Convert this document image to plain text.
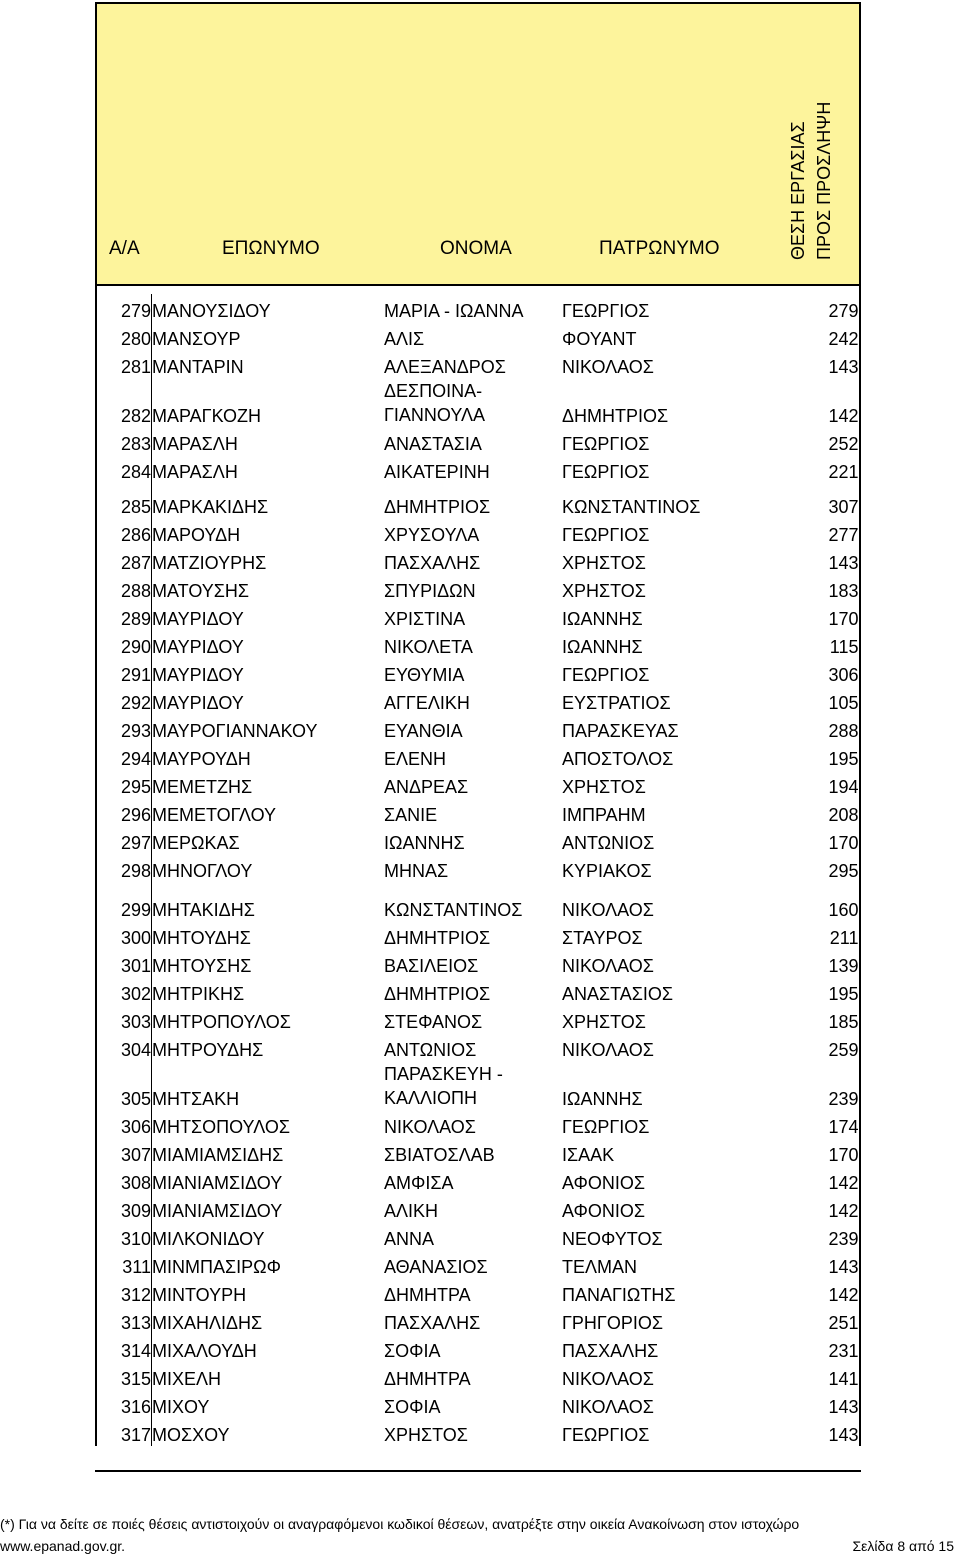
Α/Α	ΕΠΩΝΥΜΟ	ΟΝΟΜΑ	ΠΑΤΡΩΝΥΜΟ	ΘΕΣΗ ΕΡΓΑΣΙΑΣ ΠΡΟΣ ΠΡΟΣΛΗΨΗ
279	ΜΑΝΟΥΣΙΔΟΥ	ΜΑΡΙΑ - ΙΩΑΝΝΑ	ΓΕΩΡΓΙΟΣ	279
280	ΜΑΝΣΟΥΡ	ΑΛΙΣ	ΦΟΥΑΝΤ	242
281	ΜΑΝΤΑΡΙΝ	ΑΛΕΞΑΝΔΡΟΣ	ΝΙΚΟΛΑΟΣ	143
282	ΜΑΡΑΓΚΟΖΗ	ΔΕΣΠΟΙΝΑ-ΓΙΑΝΝΟΥΛΑ	ΔΗΜΗΤΡΙΟΣ	142
283	ΜΑΡΑΣΛΗ	ΑΝΑΣΤΑΣΙΑ	ΓΕΩΡΓΙΟΣ	252
284	ΜΑΡΑΣΛΗ	ΑΙΚΑΤΕΡΙΝΗ	ΓΕΩΡΓΙΟΣ	221
285	ΜΑΡΚΑΚΙΔΗΣ	ΔΗΜΗΤΡΙΟΣ	ΚΩΝΣΤΑΝΤΙΝΟΣ	307
286	ΜΑΡΟΥΔΗ	ΧΡΥΣΟΥΛΑ	ΓΕΩΡΓΙΟΣ	277
287	ΜΑΤΖΙΟΥΡΗΣ	ΠΑΣΧΑΛΗΣ	ΧΡΗΣΤΟΣ	143
288	ΜΑΤΟΥΣΗΣ	ΣΠΥΡΙΔΩΝ	ΧΡΗΣΤΟΣ	183
289	ΜΑΥΡΙΔΟΥ	ΧΡΙΣΤΙΝΑ	ΙΩΑΝΝΗΣ	170
290	ΜΑΥΡΙΔΟΥ	ΝΙΚΟΛΕΤΑ	ΙΩΑΝΝΗΣ	115
291	ΜΑΥΡΙΔΟΥ	ΕΥΘΥΜΙΑ	ΓΕΩΡΓΙΟΣ	306
292	ΜΑΥΡΙΔΟΥ	ΑΓΓΕΛΙΚΗ	ΕΥΣΤΡΑΤΙΟΣ	105
293	ΜΑΥΡΟΓΙΑΝΝΑΚΟΥ	ΕΥΑΝΘΙΑ	ΠΑΡΑΣΚΕΥΑΣ	288
294	ΜΑΥΡΟΥΔΗ	ΕΛΕΝΗ	ΑΠΟΣΤΟΛΟΣ	195
295	ΜΕΜΕΤΖΗΣ	ΑΝΔΡΕΑΣ	ΧΡΗΣΤΟΣ	194
296	ΜΕΜΕΤΟΓΛΟΥ	ΣΑΝΙΕ	ΙΜΠΡΑΗΜ	208
297	ΜΕΡΩΚΑΣ	ΙΩΑΝΝΗΣ	ΑΝΤΩΝΙΟΣ	170
298	ΜΗΝΟΓΛΟΥ	ΜΗΝΑΣ	ΚΥΡΙΑΚΟΣ	295
299	ΜΗΤΑΚΙΔΗΣ	ΚΩΝΣΤΑΝΤΙΝΟΣ	ΝΙΚΟΛΑΟΣ	160
300	ΜΗΤΟΥΔΗΣ	ΔΗΜΗΤΡΙΟΣ	ΣΤΑΥΡΟΣ	211
301	ΜΗΤΟΥΣΗΣ	ΒΑΣΙΛΕΙΟΣ	ΝΙΚΟΛΑΟΣ	139
302	ΜΗΤΡΙΚΗΣ	ΔΗΜΗΤΡΙΟΣ	ΑΝΑΣΤΑΣΙΟΣ	195
303	ΜΗΤΡΟΠΟΥΛΟΣ	ΣΤΕΦΑΝΟΣ	ΧΡΗΣΤΟΣ	185
304	ΜΗΤΡΟΥΔΗΣ	ΑΝΤΩΝΙΟΣ	ΝΙΚΟΛΑΟΣ	259
305	ΜΗΤΣΑΚΗ	ΠΑΡΑΣΚΕΥΗ - ΚΑΛΛΙΟΠΗ	ΙΩΑΝΝΗΣ	239
306	ΜΗΤΣΟΠΟΥΛΟΣ	ΝΙΚΟΛΑΟΣ	ΓΕΩΡΓΙΟΣ	174
307	ΜΙΑΜΙΑΜΣΙΔΗΣ	ΣΒΙΑΤΟΣΛΑΒ	ΙΣΑΑΚ	170
308	ΜΙΑΝΙΑΜΣΙΔΟΥ	ΑΜΦΙΣΑ	ΑΦΟΝΙΟΣ	142
309	ΜΙΑΝΙΑΜΣΙΔΟΥ	ΑΛΙΚΗ	ΑΦΟΝΙΟΣ	142
310	ΜΙΛΚΟΝΙΔΟΥ	ΑΝΝΑ	ΝΕΟΦΥΤΟΣ	239
311	ΜΙΝΜΠΑΣΙΡΩΦ	ΑΘΑΝΑΣΙΟΣ	ΤΕΛΜΑΝ	143
312	ΜΙΝΤΟΥΡΗ	ΔΗΜΗΤΡΑ	ΠΑΝΑΓΙΩΤΗΣ	142
313	ΜΙΧΑΗΛΙΔΗΣ	ΠΑΣΧΑΛΗΣ	ΓΡΗΓΟΡΙΟΣ	251
314	ΜΙΧΑΛΟΥΔΗ	ΣΟΦΙΑ	ΠΑΣΧΑΛΗΣ	231
315	ΜΙΧΕΛΗ	ΔΗΜΗΤΡΑ	ΝΙΚΟΛΑΟΣ	141
316	ΜΙΧΟΥ	ΣΟΦΙΑ	ΝΙΚΟΛΑΟΣ	143
317	ΜΟΣΧΟΥ	ΧΡΗΣΤΟΣ	ΓΕΩΡΓΙΟΣ	143
(*) Για να δείτε σε ποιές θέσεις αντιστοιχούν οι αναγραφόμενοι κωδικοί θέσεων, ανατρέξτε στην οικεία Ανακοίνωση στον ιστοχώρο
www.epanad.gov.gr.	Σελίδα 8 από 15
